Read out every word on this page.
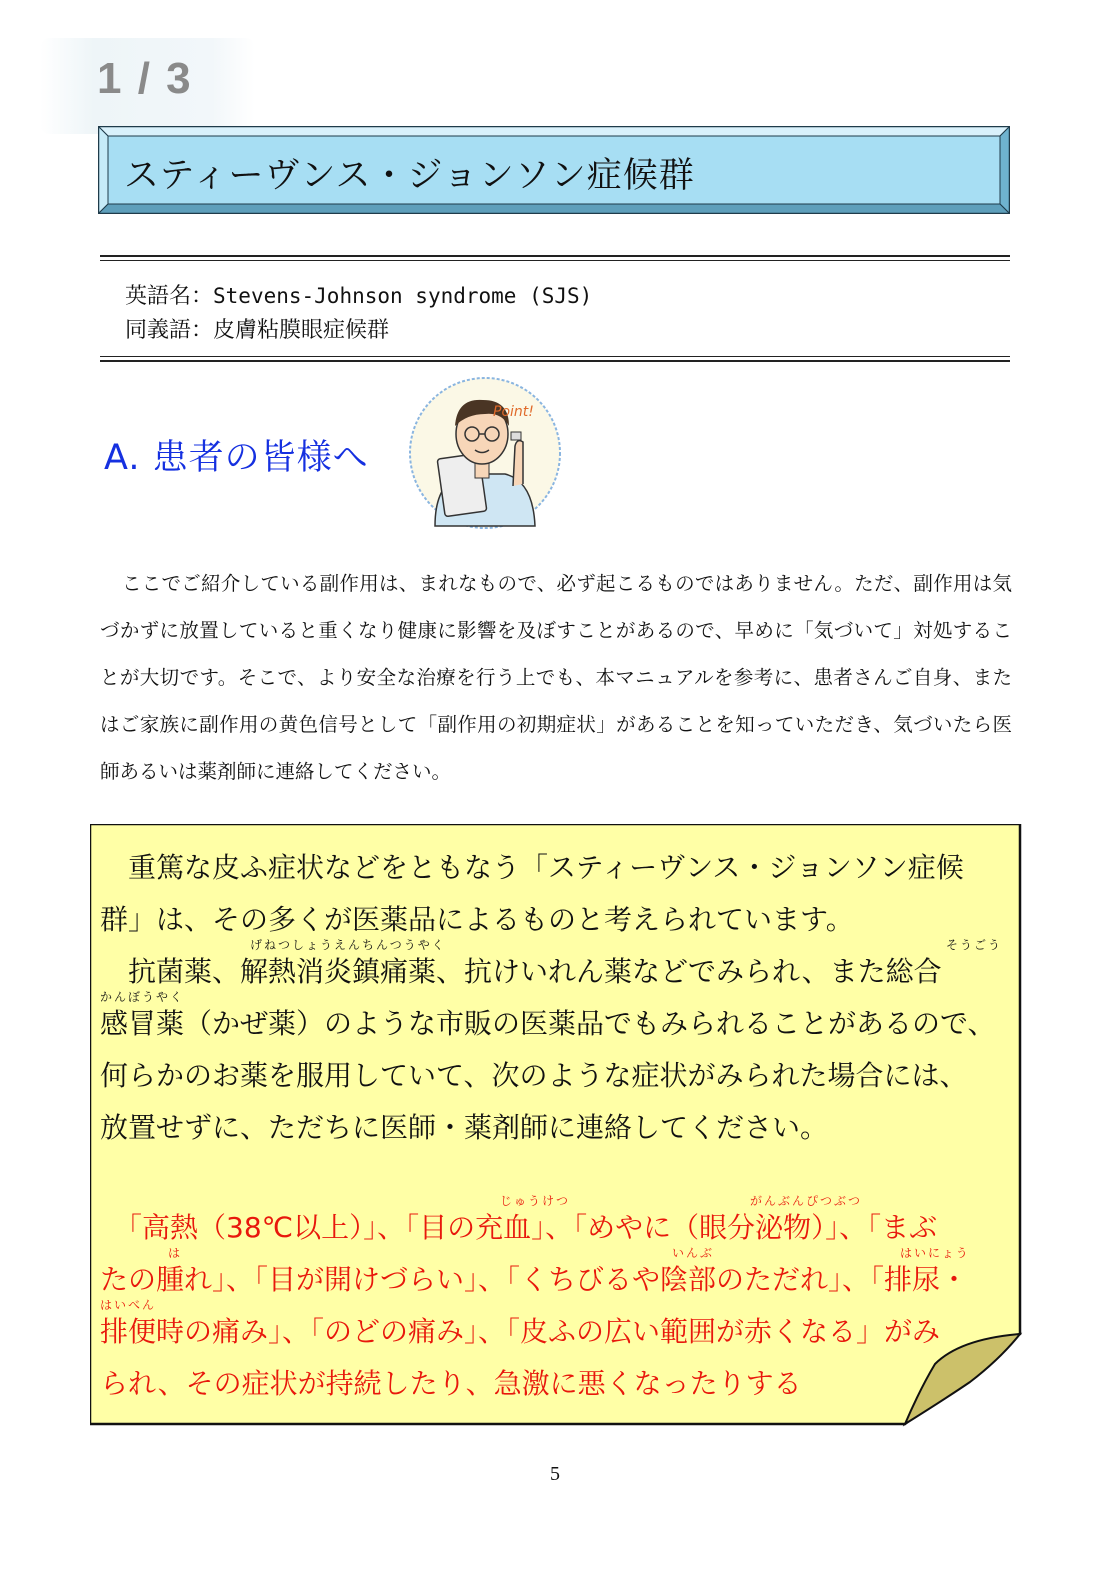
1 / 3
スティーヴンス・ジョンソン症候群
英語名：Stevens-Johnson syndrome (SJS)
同義語：皮膚粘膜眼症候群
A. 患者の皆様へ
Point!

ここでご紹介している副作用は、まれなもので、必ず起こるものではありません。ただ、副作用は気づかずに放置していると重くなり健康に影響を及ぼすことがあるので、早めに「気づいて」対処することが大切です。そこで、より安全な治療を行う上でも、本マニュアルを参考に、患者さんご自身、またはご家族に副作用の黄色信号として「副作用の初期症状」があることを知っていただき、気づいたら医師あるいは薬剤師に連絡してください。

　重篤な皮ふ症状などをともなう「スティーヴンス・ジョンソン症候
群」は、その多くが医薬品によるものと考えられています。
げねつしょうえんちんつうやく	そうごう
　抗菌薬、解熱消炎鎮痛薬、抗けいれん薬などでみられ、また総合
かんぼうやく
感冒薬（かぜ薬）のような市販の医薬品でもみられることがあるので、
何らかのお薬を服用していて、次のような症状がみられた場合には、
放置せずに、ただちに医師・薬剤師に連絡してください。
じゅうけつ	がんぶんぴつぶつ
　「高熱（38℃以上）」、「目の充血」、「めやに（眼分泌物）」、「まぶ
は	いんぶ	はいにょう
たの腫れ」、「目が開けづらい」、「くちびるや陰部のただれ」、「排尿・
はいべん
排便時の痛み」、「のどの痛み」、「皮ふの広い範囲が赤くなる」がみ
られ、その症状が持続したり、急激に悪くなったりする
5
